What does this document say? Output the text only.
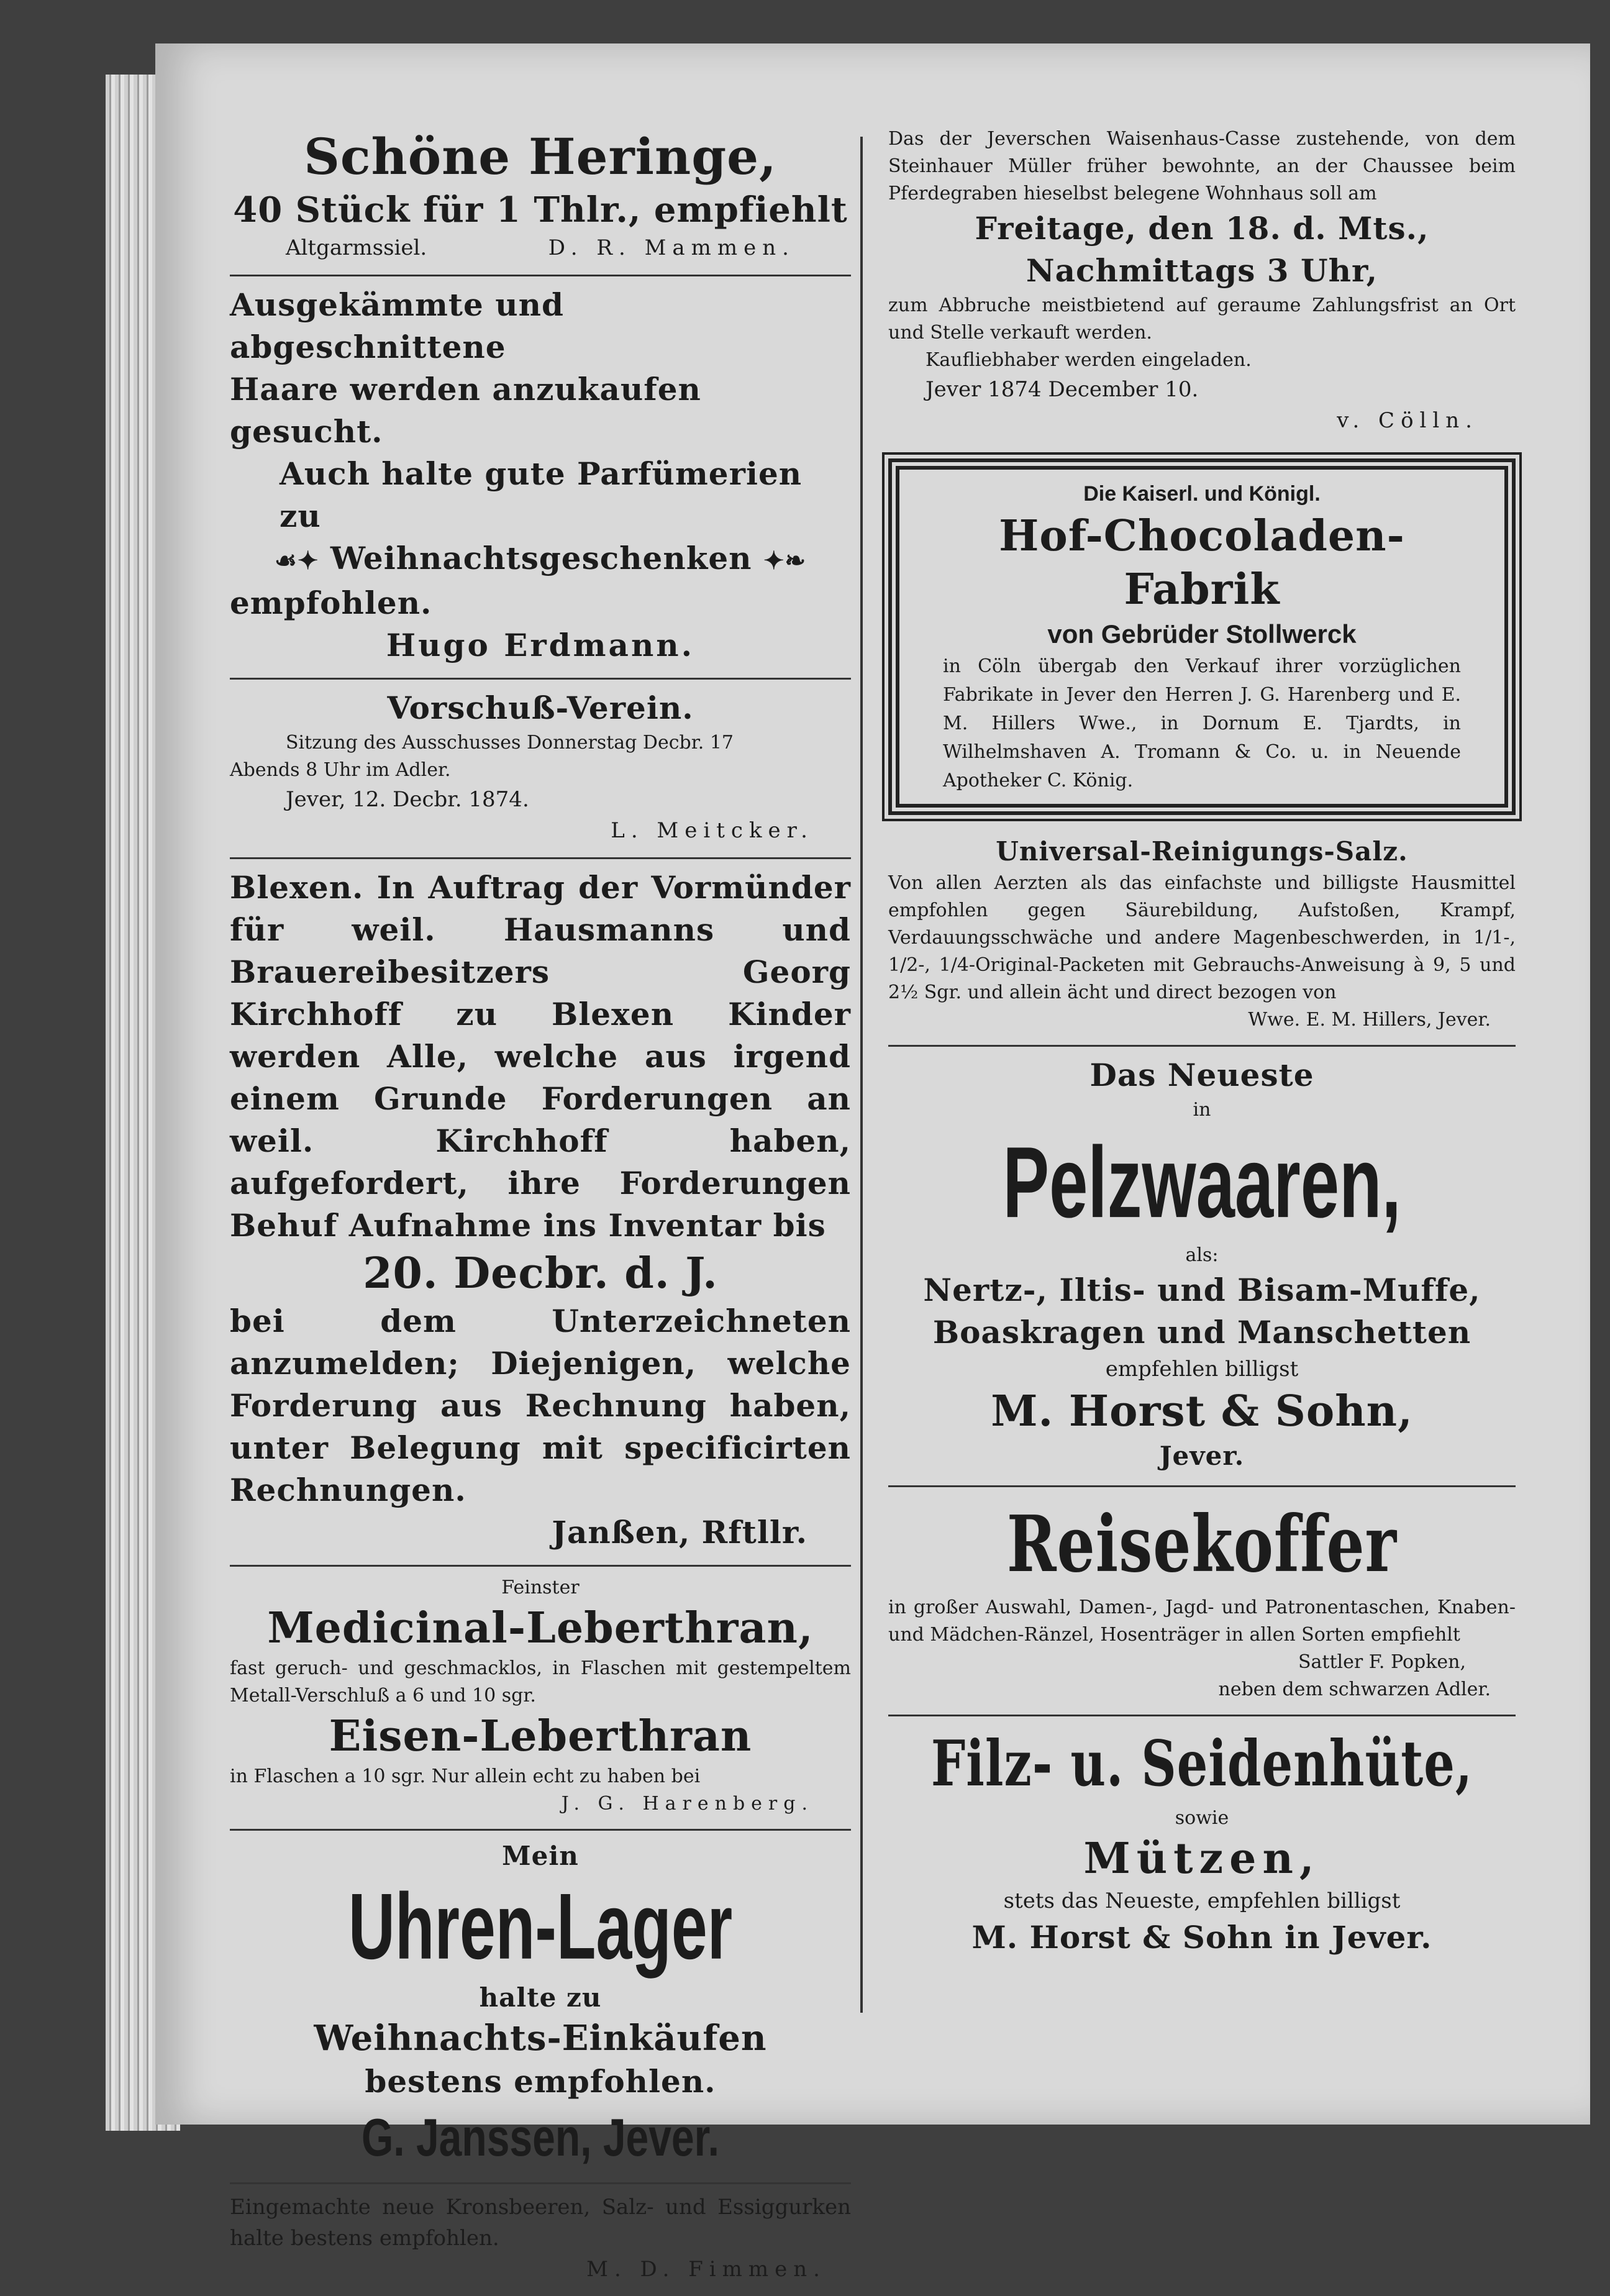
Schöne Heringe,
40 Stück für 1 Thlr., empfiehlt
Altgarmssiel.	D. R. Mammen.
Ausgekämmte und abgeschnittene
Haare werden anzukaufen gesucht.
Auch halte gute Parfümerien zu
☙✦ Weihnachtsgeschenken ✦❧
empfohlen.
Hugo Erdmann.
Vorschuß-Verein.
Sitzung des Ausschusses Donnerstag Decbr. 17
Abends 8 Uhr im Adler.
Jever, 12. Decbr. 1874.
L. Meitcker.
Blexen. In Auftrag der Vormünder für weil. Hausmanns und Brauereibesitzers Georg Kirchhoff zu Blexen Kinder werden Alle, welche aus irgend einem Grunde Forderungen an weil. Kirchhoff haben, aufgefordert, ihre Forderungen Behuf Aufnahme ins Inventar bis
20. Decbr. d. J.
bei dem Unterzeichneten anzumelden; Diejenigen, welche Forderung aus Rechnung haben, unter Belegung mit specificirten Rechnungen.
Janßen, Rftllr.
Feinster
Medicinal-Leberthran,
fast geruch- und geschmacklos, in Flaschen mit gestempeltem Metall-Verschluß a 6 und 10 sgr.
Eisen-Leberthran
in Flaschen a 10 sgr. Nur allein echt zu haben bei
J. G. Harenberg.
Mein
Uhren-Lager
halte zu
Weihnachts-Einkäufen
bestens empfohlen.
G. Janssen, Jever.
Eingemachte neue Kronsbeeren, Salz- und Essiggurken halte bestens empfohlen.
M. D. Fimmen.
Das der Jeverschen Waisenhaus-Casse zustehende, von dem Steinhauer Müller früher bewohnte, an der Chaussee beim Pferdegraben hieselbst belegene Wohnhaus soll am
Freitage, den 18. d. Mts.,
Nachmittags 3 Uhr,
zum Abbruche meistbietend auf geraume Zahlungsfrist an Ort und Stelle verkauft werden.
Kaufliebhaber werden eingeladen.
Jever 1874 December 10.
v. Cölln.
Die Kaiserl. und Königl.
Hof-Chocoladen-Fabrik
von Gebrüder Stollwerck
in Cöln übergab den Verkauf ihrer vorzüglichen Fabrikate in Jever den Herren J. G. Harenberg und E. M. Hillers Wwe., in Dornum E. Tjardts, in Wilhelmshaven A. Tromann & Co. u. in Neuende Apotheker C. König.
Universal-Reinigungs-Salz.
Von allen Aerzten als das einfachste und billigste Hausmittel empfohlen gegen Säurebildung, Aufstoßen, Krampf, Verdauungsschwäche und andere Magenbeschwerden, in 1/1-, 1/2-, 1/4-Original-Packeten mit Gebrauchs-Anweisung à 9, 5 und 2½ Sgr. und allein ächt und direct bezogen von
Wwe. E. M. Hillers, Jever.
Das Neueste
in
Pelzwaaren,
als:
Nertz-, Iltis- und Bisam-Muffe,
Boaskragen und Manschetten
empfehlen billigst
M. Horst & Sohn,
Jever.
Reisekoffer
in großer Auswahl, Damen-, Jagd- und Patronentaschen, Knaben- und Mädchen-Ränzel, Hosenträger in allen Sorten empfiehlt
Sattler F. Popken,
neben dem schwarzen Adler.
Filz- u. Seidenhüte,
sowie
Mützen,
stets das Neueste, empfehlen billigst
M. Horst & Sohn in Jever.
